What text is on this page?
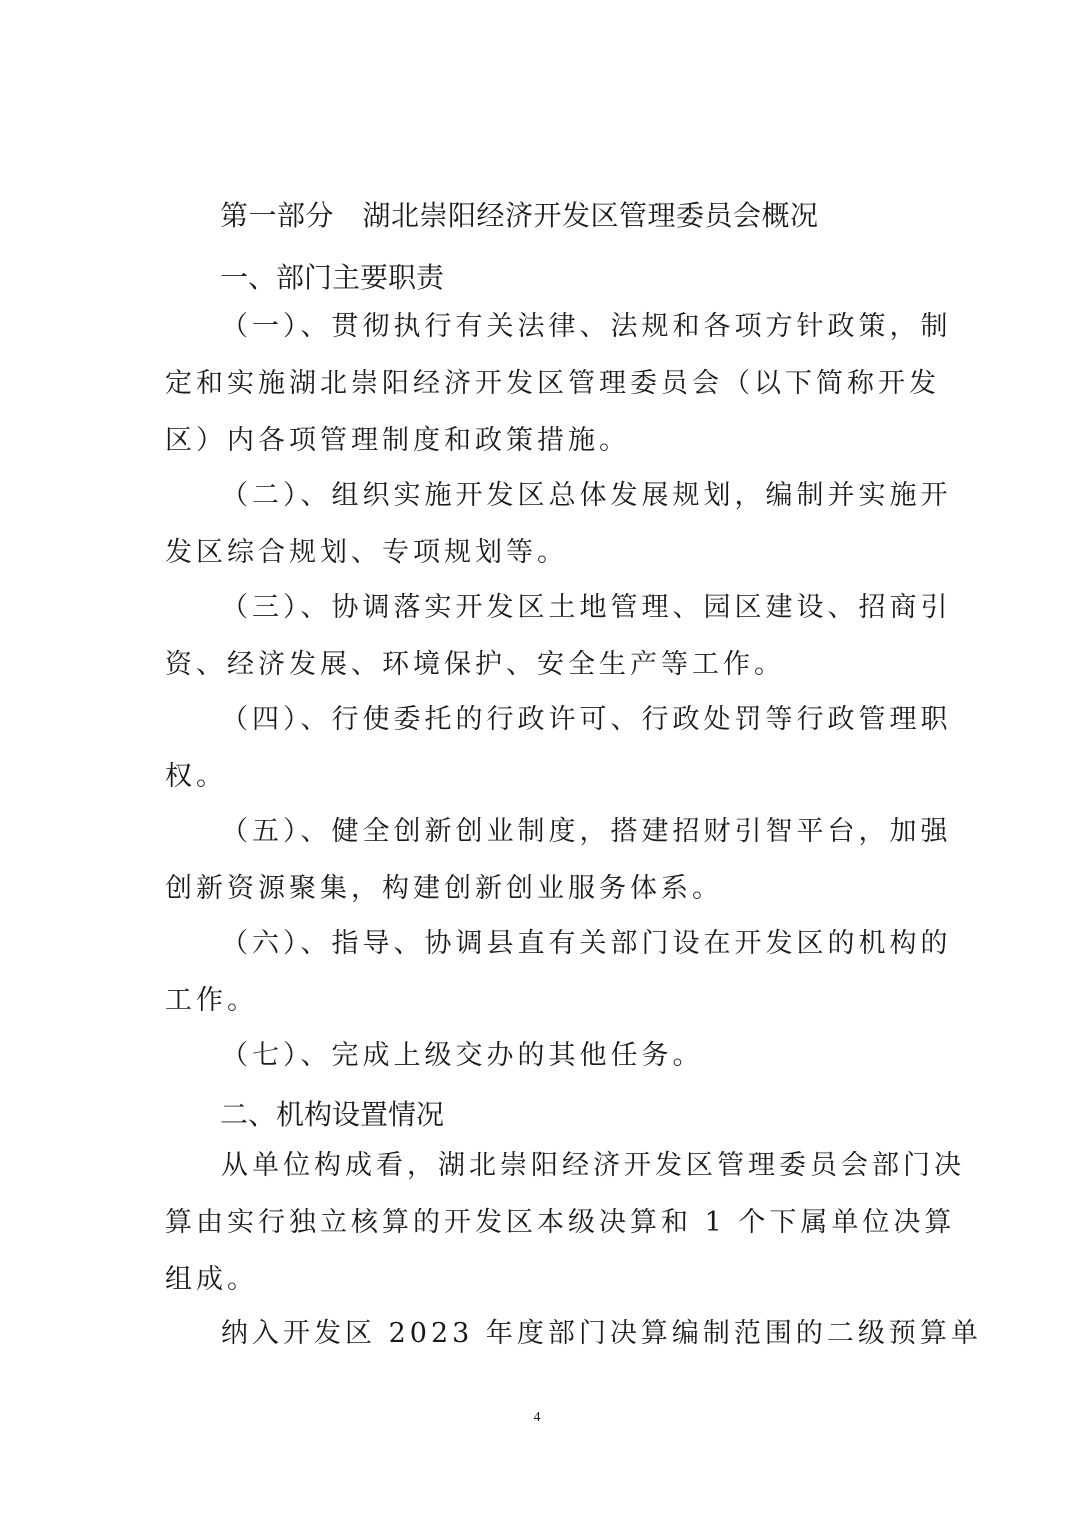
第一部分　湖北崇阳经济开发区管理委员会概况
一、部门主要职责
（一）、贯彻执行有关法律、法规和各项方针政策，制
定和实施湖北崇阳经济开发区管理委员会（以下简称开发
区）内各项管理制度和政策措施。
（二）、组织实施开发区总体发展规划，编制并实施开
发区综合规划、专项规划等。
（三）、协调落实开发区土地管理、园区建设、招商引
资、经济发展、环境保护、安全生产等工作。
（四）、行使委托的行政许可、行政处罚等行政管理职
权。
（五）、健全创新创业制度，搭建招财引智平台，加强
创新资源聚集，构建创新创业服务体系。
（六）、指导、协调县直有关部门设在开发区的机构的
工作。
（七）、完成上级交办的其他任务。
二、机构设置情况
从单位构成看，湖北崇阳经济开发区管理委员会部门决
算由实行独立核算的开发区本级决算和 1 个下属单位决算
组成。
纳入开发区 2023 年度部门决算编制范围的二级预算单
4
